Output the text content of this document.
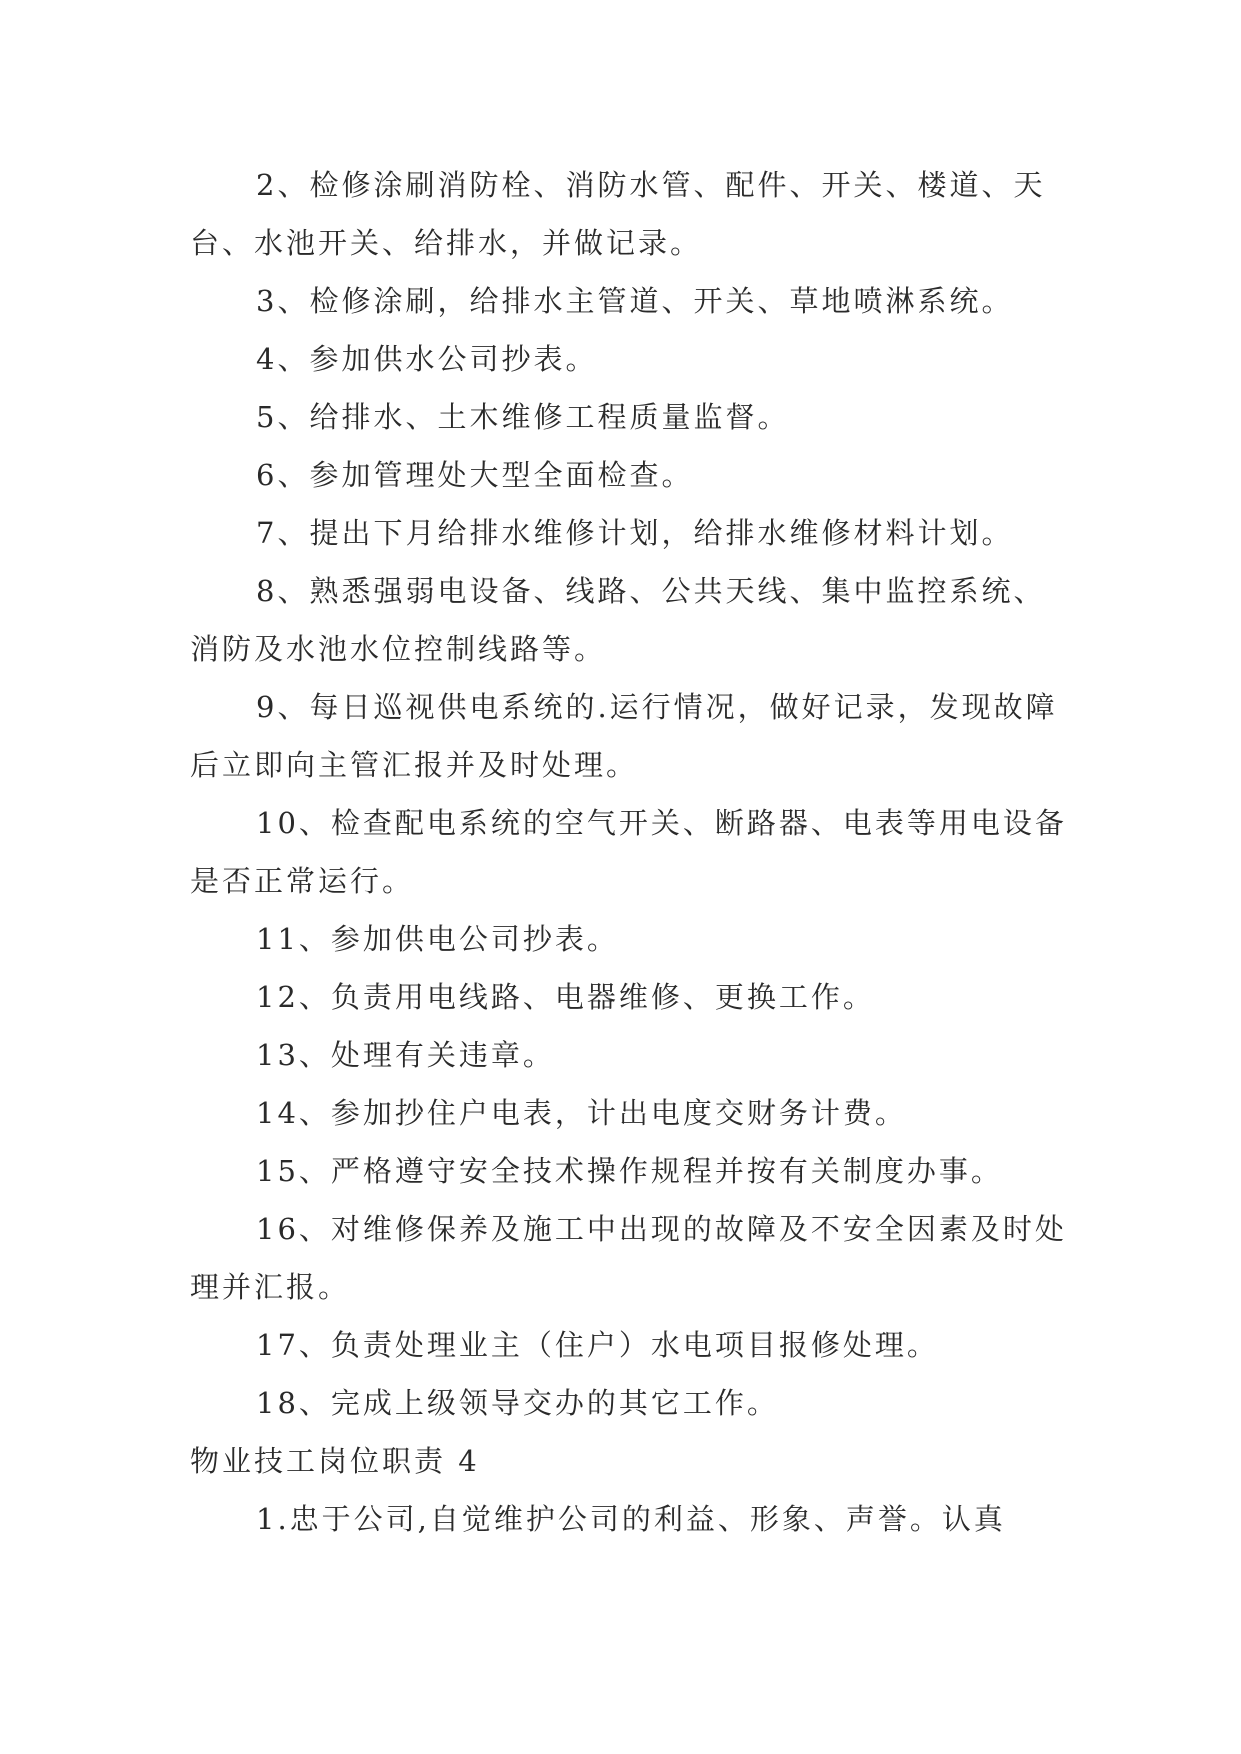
2、检修涂刷消防栓、消防水管、配件、开关、楼道、天台、水池开关、给排水，并做记录。

3、检修涂刷，给排水主管道、开关、草地喷淋系统。

4、参加供水公司抄表。

5、给排水、土木维修工程质量监督。

6、参加管理处大型全面检查。

7、提出下月给排水维修计划，给排水维修材料计划。

8、熟悉强弱电设备、线路、公共天线、集中监控系统、消防及水池水位控制线路等。

9、每日巡视供电系统的.运行情况，做好记录，发现故障后立即向主管汇报并及时处理。

10、检查配电系统的空气开关、断路器、电表等用电设备是否正常运行。

11、参加供电公司抄表。

12、负责用电线路、电器维修、更换工作。

13、处理有关违章。

14、参加抄住户电表，计出电度交财务计费。

15、严格遵守安全技术操作规程并按有关制度办事。

16、对维修保养及施工中出现的故障及不安全因素及时处理并汇报。

17、负责处理业主（住户）水电项目报修处理。

18、完成上级领导交办的其它工作。

物业技工岗位职责 4

1.忠于公司,自觉维护公司的利益、形象、声誉。认真
